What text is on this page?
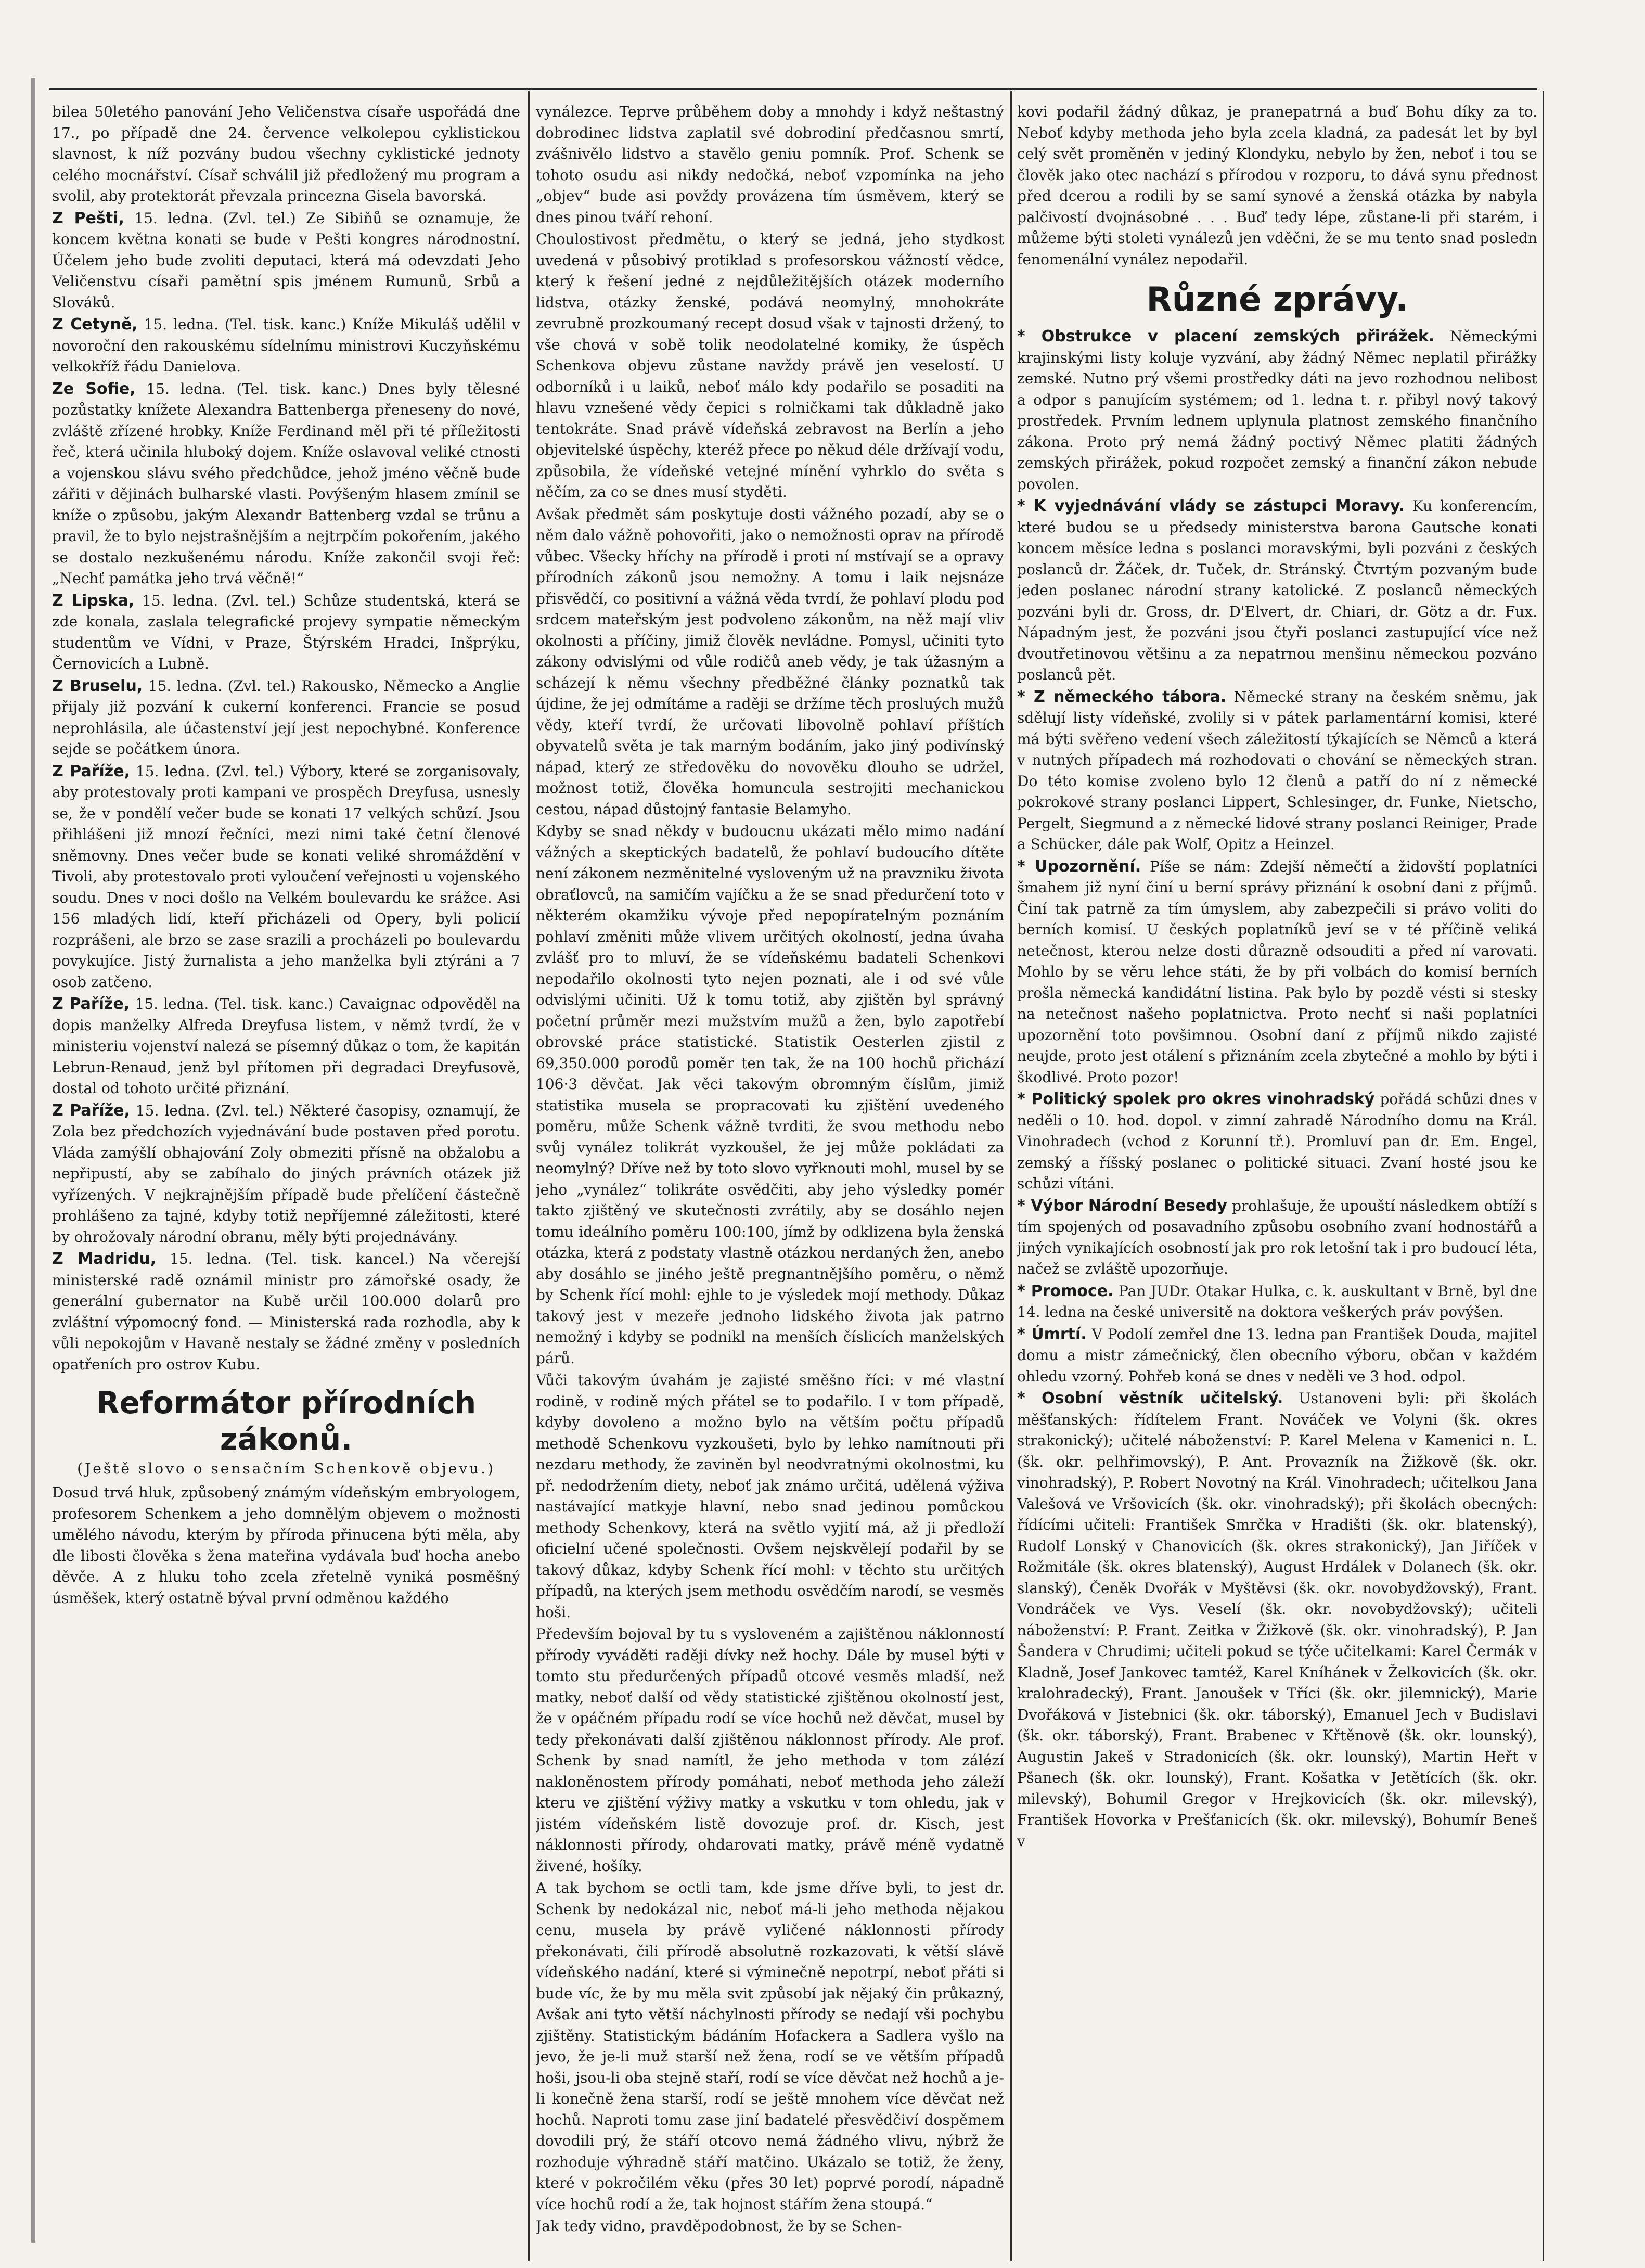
bilea 50letého panování Jeho Veličenstva císaře uspořádá dne 17., po případě dne 24. července velkolepou cyklistickou slavnost, k níž pozvány budou všechny cyklistické jednoty celého mocnářství. Císař schválil již předložený mu program a svolil, aby protektorát převzala princezna Gisela bavorská.

Z Pešti, 15. ledna. (Zvl. tel.) Ze Sibiňů se oznamuje, že koncem května konati se bude v Pešti kongres národnostní. Účelem jeho bude zvoliti deputaci, která má odevzdati Jeho Veličenstvu císaři pamětní spis jménem Rumunů, Srbů a Slováků.

Z Cetyně, 15. ledna. (Tel. tisk. kanc.) Kníže Mikuláš udělil v novoroční den rakouskému sídelnímu ministrovi Kuczyňskému velkokříž řádu Danielova.

Ze Sofie, 15. ledna. (Tel. tisk. kanc.) Dnes byly tělesné pozůstatky knížete Alexandra Battenberga přeneseny do nové, zvláště zřízené hrobky. Kníže Ferdinand měl při té příležitosti řeč, která učinila hluboký dojem. Kníže oslavoval veliké ctnosti a vojenskou slávu svého předchůdce, jehož jméno věčně bude zářiti v dějinách bulharské vlasti. Povýšeným hlasem zmínil se kníže o způsobu, jakým Alexandr Battenberg vzdal se trůnu a pravil, že to bylo nejstrašnějším a nejtrpčím pokořením, jakého se dostalo nezkušenému národu. Kníže zakončil svoji řeč: „Nechť památka jeho trvá věčně!“

Z Lipska, 15. ledna. (Zvl. tel.) Schůze studentská, která se zde konala, zaslala telegrafické projevy sympatie německým studentům ve Vídni, v Praze, Štýrském Hradci, Inšprýku, Černovicích a Lubně.

Z Bruselu, 15. ledna. (Zvl. tel.) Rakousko, Německo a Anglie přijaly již pozvání k cukerní konferenci. Francie se posud neprohlásila, ale účastenství její jest nepochybné. Konference sejde se počátkem února.

Z Paříže, 15. ledna. (Zvl. tel.) Výbory, které se zorganisovaly, aby protestovaly proti kampani ve prospěch Dreyfusa, usnesly se, že v pondělí večer bude se konati 17 velkých schůzí. Jsou přihlášeni již mnozí řečníci, mezi nimi také četní členové sněmovny. Dnes večer bude se konati veliké shromáždění v Tivoli, aby protestovalo proti vyloučení veřejnosti u vojenského soudu. Dnes v noci došlo na Velkém boulevardu ke srážce. Asi 156 mladých lidí, kteří přicházeli od Opery, byli policií rozprášeni, ale brzo se zase srazili a procházeli po boulevardu povykujíce. Jistý žurnalista a jeho manželka byli ztýráni a 7 osob zatčeno.

Z Paříže, 15. ledna. (Tel. tisk. kanc.) Cavaignac odpověděl na dopis manželky Alfreda Dreyfusa listem, v němž tvrdí, že v ministeriu vojenství nalezá se písemný důkaz o tom, že kapitán Lebrun-Renaud, jenž byl přítomen při degradaci Dreyfusově, dostal od tohoto určité přiznání.

Z Paříže, 15. ledna. (Zvl. tel.) Některé časopisy, oznamují, že Zola bez předchozích vyjednávání bude postaven před porotu. Vláda zamýšlí obhajování Zoly obmeziti přísně na obžalobu a nepřipustí, aby se zabíhalo do jiných právních otázek již vyřízených. V nejkrajnějším případě bude přelíčení částečně prohlášeno za tajné, kdyby totiž nepříjemné záležitosti, které by ohrožovaly národní obranu, měly býti projednávány.

Z Madridu, 15. ledna. (Tel. tisk. kancel.) Na včerejší ministerské radě oznámil ministr pro zámořské osady, že generální gubernator na Kubě určil 100.000 dolarů pro zvláštní výpomocný fond. — Ministerská rada rozhodla, aby k vůli nepokojům v Havaně nestaly se žádné změny v posledních opatřeních pro ostrov Kubu.

Reformátor přírodních zákonů.
(Ještě slovo o sensačním Schenkově objevu.)

Dosud trvá hluk, způsobený známým vídeňským embryologem, profesorem Schenkem a jeho domnělým objevem o možnosti umělého návodu, kterým by příroda přinucena býti měla, aby dle libosti člověka s žena mateřina vydávala buď hocha anebo děvče. A z hluku toho zcela zřetelně vyniká posměšný úsměšek, který ostatně býval první odměnou každého

vynálezce. Teprve průběhem doby a mnohdy i když neštastný dobrodinec lidstva zaplatil své dobrodiní předčasnou smrtí, zvášnivělo lidstvo a stavělo geniu pomník. Prof. Schenk se tohoto osudu asi nikdy nedočká, neboť vzpomínka na jeho „objev“ bude asi povždy provázena tím úsměvem, který se dnes pinou tváří rehoní.

Choulostivost předmětu, o který se jedná, jeho stydkost uvedená v působivý protiklad s profesorskou vážností vědce, který k řešení jedné z nejdůležitějších otázek moderního lidstva, otázky ženské, podává neomylný, mnohokráte zevrubně prozkoumaný recept dosud však v tajnosti držený, to vše chová v sobě tolik neodolatelné komiky, že úspěch Schenkova objevu zůstane navždy právě jen veselostí. U odborníků i u laiků, neboť málo kdy podařilo se posaditi na hlavu vznešené vědy čepici s rolničkami tak důkladně jako tentokráte. Snad právě vídeňská zebravost na Berlín a jeho objevitelské úspěchy, kteréž přece po někud déle držívají vodu, způsobila, že vídeňské vetejné mínění vyhrklo do světa s něčím, za co se dnes musí styděti.

Avšak předmět sám poskytuje dosti vážného pozadí, aby se o něm dalo vážně pohovořiti, jako o nemožnosti oprav na přírodě vůbec. Všecky hříchy na přírodě i proti ní mstívají se a opravy přírodních zákonů jsou nemožny. A tomu i laik nejsnáze přisvědčí, co positivní a vážná věda tvrdí, že pohlaví plodu pod srdcem mateřským jest podvoleno zákonům, na něž mají vliv okolnosti a příčiny, jimiž člověk nevládne. Pomysl, učiniti tyto zákony odvislými od vůle rodičů aneb vědy, je tak úžasným a scházejí k němu všechny předběžné články poznatků tak újdine, že jej odmítáme a raději se držíme těch prosluých mužů vědy, kteří tvrdí, že určovati libovolně pohlaví příštích obyvatelů světa je tak marným bodáním, jako jiný podivínský nápad, který ze středověku do novověku dlouho se udržel, možnost totiž, člověka homuncula sestrojiti mechanickou cestou, nápad důstojný fantasie Belamyho.

Kdyby se snad někdy v budoucnu ukázati mělo mimo nadání vážných a skeptických badatelů, že pohlaví budoucího dítěte není zákonem nezměnitelné vysloveným už na pravzniku života obraťlovců, na samičím vajíčku a že se snad předurčení toto v některém okamžiku vývoje před nepopíratelným poznáním pohlaví změniti může vlivem určitých okolností, jedna úvaha zvlášť pro to mluví, že se vídeňskému badateli Schenkovi nepodařilo okolnosti tyto nejen poznati, ale i od své vůle odvislými učiniti. Už k tomu totiž, aby zjištěn byl správný početní průměr mezi mužstvím mužů a žen, bylo zapotřebí obrovské práce statistické. Statistik Oesterlen zjistil z 69,350.000 porodů poměr ten tak, že na 100 hochů přichází 106·3 děvčat. Jak věci takovým obromným číslům, jimiž statistika musela se propracovati ku zjištění uvedeného poměru, může Schenk vážně tvrditi, že svou methodu nebo svůj vynález tolikrát vyzkoušel, že jej může pokládati za neomylný? Dříve než by toto slovo vyřknouti mohl, musel by se jeho „vynález“ tolikráte osvědčiti, aby jeho výsledky pomér takto zjištěný ve skutečnosti zvrátily, aby se dosáhlo nejen tomu ideálního poměru 100:100, jímž by odklizena byla ženská otázka, která z podstaty vlastně otázkou nerdaných žen, anebo aby dosáhlo se jiného ještě pregnantnějšího poměru, o němž by Schenk řící mohl: ejhle to je výsledek mojí methody. Důkaz takový jest v mezeře jednoho lidského života jak patrno nemožný i kdyby se podnikl na menších číslicích manželských párů.

Vůči takovým úvahám je zajisté směšno říci: v mé vlastní rodině, v rodině mých přátel se to podařilo. I v tom případě, kdyby dovoleno a možno bylo na větším počtu případů methodě Schenkovu vyzkoušeti, bylo by lehko namítnouti při nezdaru methody, že zaviněn byl neodvratnými okolnostmi, ku př. nedodržením diety, neboť jak známo určitá, udělená výživa nastávající matkyje hlavní, nebo snad jedinou pomůckou methody Schenkovy, která na světlo vyjití má, až ji předloží oficielní učené společnosti. Ovšem nejskvělejí podařil by se takový důkaz, kdyby Schenk řící mohl: v těchto stu určitých případů, na kterých jsem methodu osvědčím narodí, se vesměs hoši.

Především bojoval by tu s vysloveném a zajištěnou náklonností přírody vyváděti raději dívky než hochy. Dále by musel býti v tomto stu předurčených případů otcové vesměs mladší, než matky, neboť další od vědy statistické zjištěnou okolností jest, že v opáčném případu rodí se více hochů než děvčat, musel by tedy překonávati další zjištěnou náklonnost přírody. Ale prof. Schenk by snad namítl, že jeho methoda v tom zálézí nakloněnostem přírody pomáhati, neboť methoda jeho záleží kteru ve zjištění výživy matky a vskutku v tom ohledu, jak v jistém vídeňském listě dovozuje prof. dr. Kisch, jest náklonnosti přírody, ohdarovati matky, právě méně vydatně živené, hošíky.

A tak bychom se octli tam, kde jsme dříve byli, to jest dr. Schenk by nedokázal nic, neboť má-li jeho methoda nějakou cenu, musela by právě vyličené náklonnosti přírody překonávati, čili přírodě absolutně rozkazovati, k větší slávě vídeňského nadání, které si výminečně nepotrpí, neboť přáti si bude víc, že by mu měla svit způsobí jak nějaký čin průkazný, Avšak ani tyto větší náchylnosti přírody se nedají vši pochybu zjištěny. Statistickým bádáním Hofackera a Sadlera vyšlo na jevo, že je-li muž starší než žena, rodí se ve větším případů hoši, jsou-li oba stejně staří, rodí se více děvčat než hochů a je-li konečně žena starší, rodí se ještě mnohem více děvčat než hochů. Naproti tomu zase jiní badatelé přesvědčiví dospěmem dovodili prý, že stáří otcovo nemá žádného vlivu, nýbrž že rozhoduje výhradně stáří matčino. Ukázalo se totiž, že ženy, které v pokročilém věku (přes 30 let) poprvé porodí, nápadně více hochů rodí a že, tak hojnost stářím žena stoupá.“

Jak tedy vidno, pravděpodobnost, že by se Schen-

kovi podařil žádný důkaz, je pranepatrná a buď Bohu díky za to. Neboť kdyby methoda jeho byla zcela kladná, za padesát let by byl celý svět proměněn v jediný Klondyku, nebylo by žen, neboť i tou se člověk jako otec nachází s přírodou v rozporu, to dává synu přednost před dcerou a rodili by se samí synové a ženská otázka by nabyla palčivostí dvojnásobné . . . Buď tedy lépe, zůstane-li při starém, i můžeme býti stoleti vynálezů jen vděčni, že se mu tento snad posledn fenomenální vynález nepodařil.

Různé zprávy.

* Obstrukce v placení zemských přirážek. Německými krajinskými listy koluje vyzvání, aby žádný Němec neplatil přirážky zemské. Nutno prý všemi prostředky dáti na jevo rozhodnou nelibost a odpor s panujícím systémem; od 1. ledna t. r. přibyl nový takový prostředek. Prvním lednem uplynula platnost zemského finančního zákona. Proto prý nemá žádný poctivý Němec platiti žádných zemských přirážek, pokud rozpočet zemský a finanční zákon nebude povolen.

* K vyjednávání vlády se zástupci Moravy. Ku konferencím, které budou se u předsedy ministerstva barona Gautsche konati koncem měsíce ledna s poslanci moravskými, byli pozváni z českých poslanců dr. Žáček, dr. Tuček, dr. Stránský. Čtvrtým pozvaným bude jeden poslanec národní strany katolické. Z poslanců německých pozváni byli dr. Gross, dr. D'Elvert, dr. Chiari, dr. Götz a dr. Fux. Nápadným jest, že pozváni jsou čtyři poslanci zastupující více než dvoutřetinovou většinu a za nepatrnou menšinu německou pozváno poslanců pět.

* Z německého tábora. Německé strany na českém sněmu, jak sdělují listy vídeňské, zvolily si v pátek parlamentární komisi, které má býti svěřeno vedení všech záležitostí týkajících se Němců a která v nutných případech má rozhodovati o chování se německých stran. Do této komise zvoleno bylo 12 členů a patří do ní z německé pokrokové strany poslanci Lippert, Schlesinger, dr. Funke, Nietscho, Pergelt, Siegmund a z německé lidové strany poslanci Reiniger, Prade a Schücker, dále pak Wolf, Opitz a Heinzel.

* Upozornění. Píše se nám: Zdejší němečtí a židovští poplatníci šmahem již nyní činí u berní správy přiznání k osobní dani z příjmů. Činí tak patrně za tím úmyslem, aby zabezpečili si právo voliti do berních komisí. U českých poplatníků jeví se v té příčině veliká netečnost, kterou nelze dosti důrazně odsouditi a před ní varovati. Mohlo by se věru lehce státi, že by při volbách do komisí berních prošla německá kandidátní listina. Pak bylo by pozdě vésti si stesky na netečnost našeho poplatnictva. Proto nechť si naši poplatníci upozornění toto povšimnou. Osobní daní z příjmů nikdo zajisté neujde, proto jest otálení s přiznáním zcela zbytečné a mohlo by býti i škodlivé. Proto pozor!

* Politický spolek pro okres vinohradský pořádá schůzi dnes v neděli o 10. hod. dopol. v zimní zahradě Národního domu na Král. Vinohradech (vchod z Korunní tř.). Promluví pan dr. Em. Engel, zemský a říšský poslanec o politické situaci. Zvaní hosté jsou ke schůzi vítáni.

* Výbor Národní Besedy prohlašuje, že upouští následkem obtíží s tím spojených od posavadního způsobu osobního zvaní hodnostářů a jiných vynikajících osobností jak pro rok letošní tak i pro budoucí léta, načež se zvláště upozorňuje.

* Promoce. Pan JUDr. Otakar Hulka, c. k. auskultant v Brně, byl dne 14. ledna na české universitě na doktora veškerých práv povýšen.

* Úmrtí. V Podolí zemřel dne 13. ledna pan František Douda, majitel domu a mistr zámečnický, člen obecního výboru, občan v každém ohledu vzorný. Pohřeb koná se dnes v neděli ve 3 hod. odpol.

* Osobní věstník učitelský. Ustanoveni byli: při školách měšťanských: řídítelem Frant. Nováček ve Volyni (šk. okres strakonický); učitelé náboženství: P. Karel Melena v Kamenici n. L. (šk. okr. pelhřimovský), P. Ant. Provazník na Žižkově (šk. okr. vinohradský), P. Robert Novotný na Král. Vinohradech; učitelkou Jana Valešová ve Vršovicích (šk. okr. vinohradský); při školách obecných: řídícími učiteli: František Smrčka v Hradišti (šk. okr. blatenský), Rudolf Lonský v Chanovicích (šk. okres strakonický), Jan Jiříček v Rožmitále (šk. okres blatenský), August Hrdálek v Dolanech (šk. okr. slanský), Čeněk Dvořák v Myštěvsi (šk. okr. novobydžovský), Frant. Vondráček ve Vys. Veselí (šk. okr. novobydžovský); učiteli náboženství: P. Frant. Zeitka v Žižkově (šk. okr. vinohradský), P. Jan Šandera v Chrudimi; učiteli pokud se týče učitelkami: Karel Čermák v Kladně, Josef Jankovec tamtéž, Karel Kníhánek v Želkovicích (šk. okr. kralohradecký), Frant. Janoušek v Tříci (šk. okr. jilemnický), Marie Dvořáková v Jistebnici (šk. okr. táborský), Emanuel Jech v Budislavi (šk. okr. táborský), Frant. Brabenec v Křtěnově (šk. okr. lounský), Augustin Jakeš v Stradonicích (šk. okr. lounský), Martin Heřt v Pšanech (šk. okr. lounský), Frant. Košatka v Jetětících (šk. okr. milevský), Bohumil Gregor v Hrejkovicích (šk. okr. milevský), František Hovorka v Prešťanicích (šk. okr. milevský), Bohumír Beneš v
